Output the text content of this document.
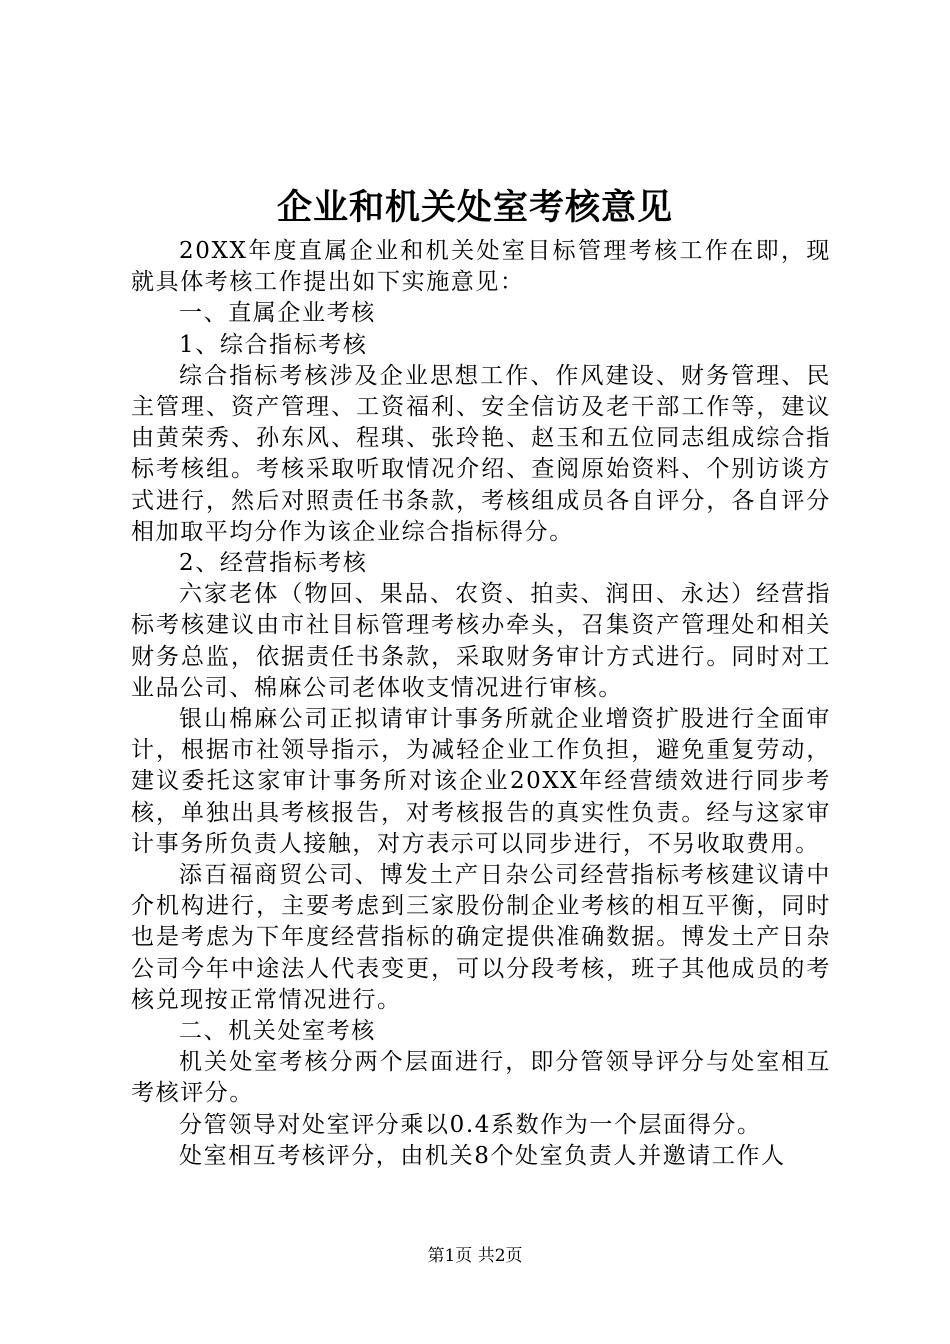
企业和机关处室考核意见

20XX年度直属企业和机关处室目标管理考核工作在即，现就具体考核工作提出如下实施意见：

一、直属企业考核

1、综合指标考核

综合指标考核涉及企业思想工作、作风建设、财务管理、民主管理、资产管理、工资福利、安全信访及老干部工作等，建议由黄荣秀、孙东风、程琪、张玲艳、赵玉和五位同志组成综合指标考核组。考核采取听取情况介绍、查阅原始资料、个别访谈方式进行，然后对照责任书条款，考核组成员各自评分，各自评分相加取平均分作为该企业综合指标得分。

2、经营指标考核

六家老体（物回、果品、农资、拍卖、润田、永达）经营指标考核建议由市社目标管理考核办牵头，召集资产管理处和相关财务总监，依据责任书条款，采取财务审计方式进行。同时对工业品公司、棉麻公司老体收支情况进行审核。

银山棉麻公司正拟请审计事务所就企业增资扩股进行全面审计，根据市社领导指示，为减轻企业工作负担，避免重复劳动，建议委托这家审计事务所对该企业20XX年经营绩效进行同步考核，单独出具考核报告，对考核报告的真实性负责。经与这家审计事务所负责人接触，对方表示可以同步进行，不另收取费用。

添百福商贸公司、博发土产日杂公司经营指标考核建议请中介机构进行，主要考虑到三家股份制企业考核的相互平衡，同时也是考虑为下年度经营指标的确定提供准确数据。博发土产日杂公司今年中途法人代表变更，可以分段考核，班子其他成员的考核兑现按正常情况进行。

二、机关处室考核

机关处室考核分两个层面进行，即分管领导评分与处室相互考核评分。

分管领导对处室评分乘以0.4系数作为一个层面得分。

处室相互考核评分，由机关8个处室负责人并邀请工作人

第1页 共2页
